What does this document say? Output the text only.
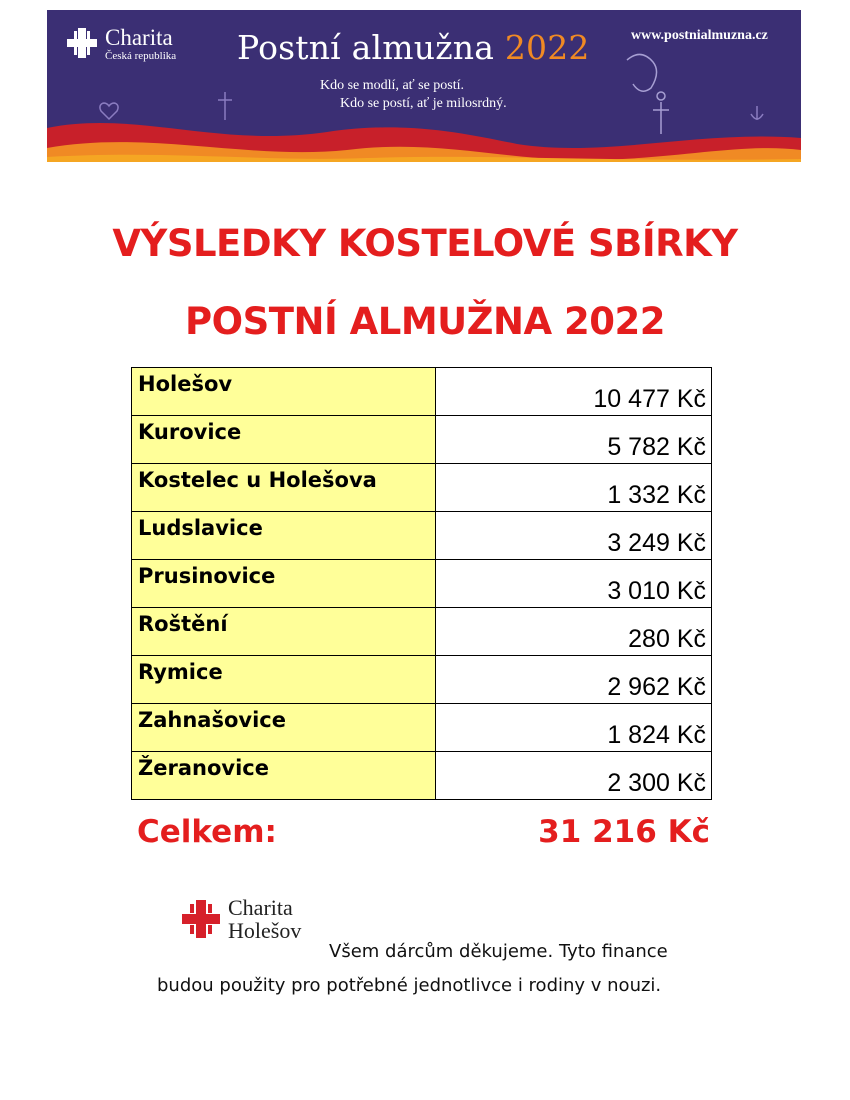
Charita
Česká republika Postní almužna 2022	www.postnialmuzna.cz
Kdo se modlí, ať se postí.
Kdo se postí, ať je milosrdný.
VÝSLEDKY KOSTELOVÉ SBÍRKY
POSTNÍ ALMUŽNA 2022
Holešov	10 477 Kč
Kurovice	5 782 Kč
Kostelec u Holešova	1 332 Kč
Ludslavice	3 249 Kč
Prusinovice	3 010 Kč
Roštění	280 Kč
Rymice	2 962 Kč
Zahnašovice	1 824 Kč
Žeranovice	2 300 Kč
Celkem:	31 216 Kč
Charita
Holešov
Všem dárcům děkujeme. Tyto finance
budou použity pro potřebné jednotlivce i rodiny v nouzi.
